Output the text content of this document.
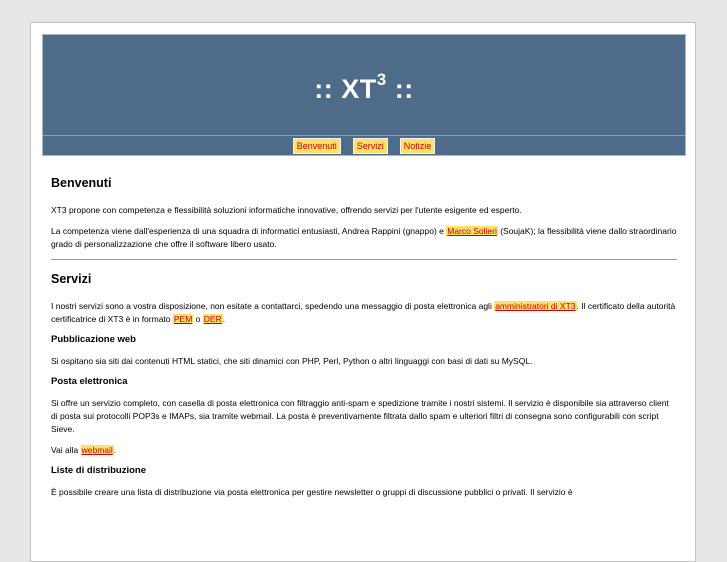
:: $XT^3$ ::
Benvenuti Servizi Notizie
Benvenuti

XT3 propone con competenza e flessibilità soluzioni informatiche innovative, offrendo servizi per l'utente esigente ed esperto.

La competenza viene dall'esperienza di una squadra di informatici entusiasti, Andrea Rappini (gnappo) e Marco Solieri (SoujaK); la flessibilità viene dallo straordinario grado di personalizzazione che offre il software libero usato.

Servizi

I nostri servizi sono a vostra disposizione, non esitate a contattarci, spedendo una messaggio di posta elettronica agli amministratori di XT3. Il certificato della autorità certificatrice di XT3 è in formato PEM o DER.

Pubblicazione web

Si ospitano sia siti dai contenuti HTML statici, che siti dinamici con PHP, Perl, Python o altri linguaggi con basi di dati su MySQL.

Posta elettronica

Si offre un servizio completo, con casella di posta elettronica con filtraggio anti-spam e spedizione tramite i nostri sistemi. Il servizio è disponibile sia attraverso client di posta sui protocolli POP3s e IMAPs, sia tramite webmail. La posta è preventivamente filtrata dallo spam e ulteriori filtri di consegna sono configurabili con script Sieve.

Vai alla webmail.

Liste di distribuzione

È possibile creare una lista di distribuzione via posta elettronica per gestire newsletter o gruppi di discussione pubblici o privati. Il servizio è
